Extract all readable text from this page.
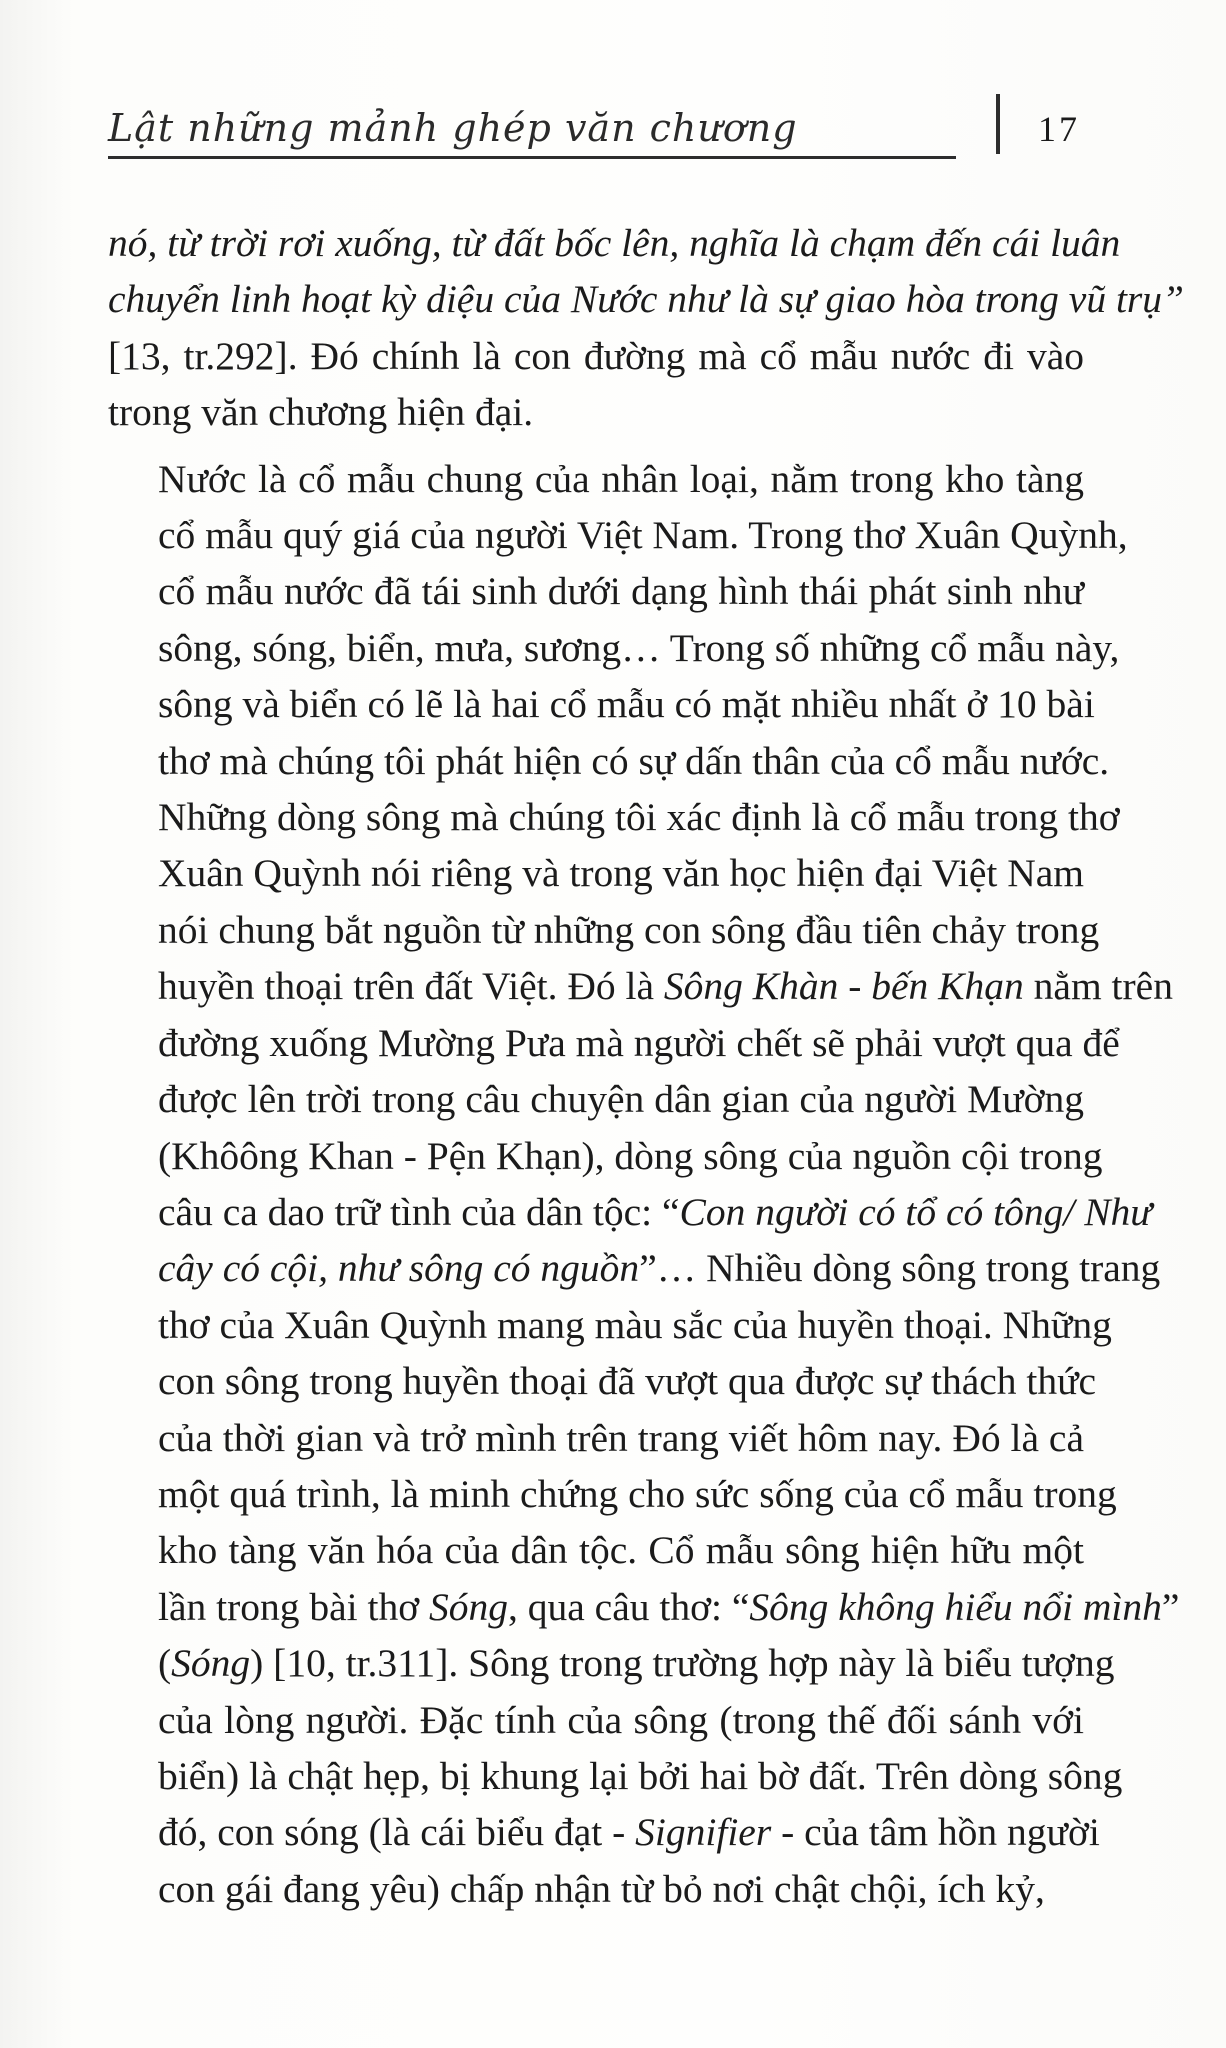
Lật những mảnh ghép văn chương	17

nó, từ trời rơi xuống, từ đất bốc lên, nghĩa là chạm đến cái luân
chuyển linh hoạt kỳ diệu của Nước như là sự giao hòa trong vũ trụ”
[13, tr.292]. Đó chính là con đường mà cổ mẫu nước đi vào
trong văn chương hiện đại.

Nước là cổ mẫu chung của nhân loại, nằm trong kho tàng
cổ mẫu quý giá của người Việt Nam. Trong thơ Xuân Quỳnh,
cổ mẫu nước đã tái sinh dưới dạng hình thái phát sinh như
sông, sóng, biển, mưa, sương… Trong số những cổ mẫu này,
sông và biển có lẽ là hai cổ mẫu có mặt nhiều nhất ở 10 bài
thơ mà chúng tôi phát hiện có sự dấn thân của cổ mẫu nước.
Những dòng sông mà chúng tôi xác định là cổ mẫu trong thơ
Xuân Quỳnh nói riêng và trong văn học hiện đại Việt Nam
nói chung bắt nguồn từ những con sông đầu tiên chảy trong
huyền thoại trên đất Việt. Đó là Sông Khàn - bến Khạn nằm trên
đường xuống Mường Pưa mà người chết sẽ phải vượt qua để
được lên trời trong câu chuyện dân gian của người Mường
(Khôông Khan - Pện Khạn), dòng sông của nguồn cội trong
câu ca dao trữ tình của dân tộc: “Con người có tổ có tông/ Như
cây có cội, như sông có nguồn”… Nhiều dòng sông trong trang
thơ của Xuân Quỳnh mang màu sắc của huyền thoại. Những
con sông trong huyền thoại đã vượt qua được sự thách thức
của thời gian và trở mình trên trang viết hôm nay. Đó là cả
một quá trình, là minh chứng cho sức sống của cổ mẫu trong
kho tàng văn hóa của dân tộc. Cổ mẫu sông hiện hữu một
lần trong bài thơ Sóng, qua câu thơ: “Sông không hiểu nổi mình”
(Sóng) [10, tr.311]. Sông trong trường hợp này là biểu tượng
của lòng người. Đặc tính của sông (trong thế đối sánh với
biển) là chật hẹp, bị khung lại bởi hai bờ đất. Trên dòng sông
đó, con sóng (là cái biểu đạt - Signifier - của tâm hồn người
con gái đang yêu) chấp nhận từ bỏ nơi chật chội, ích kỷ,
